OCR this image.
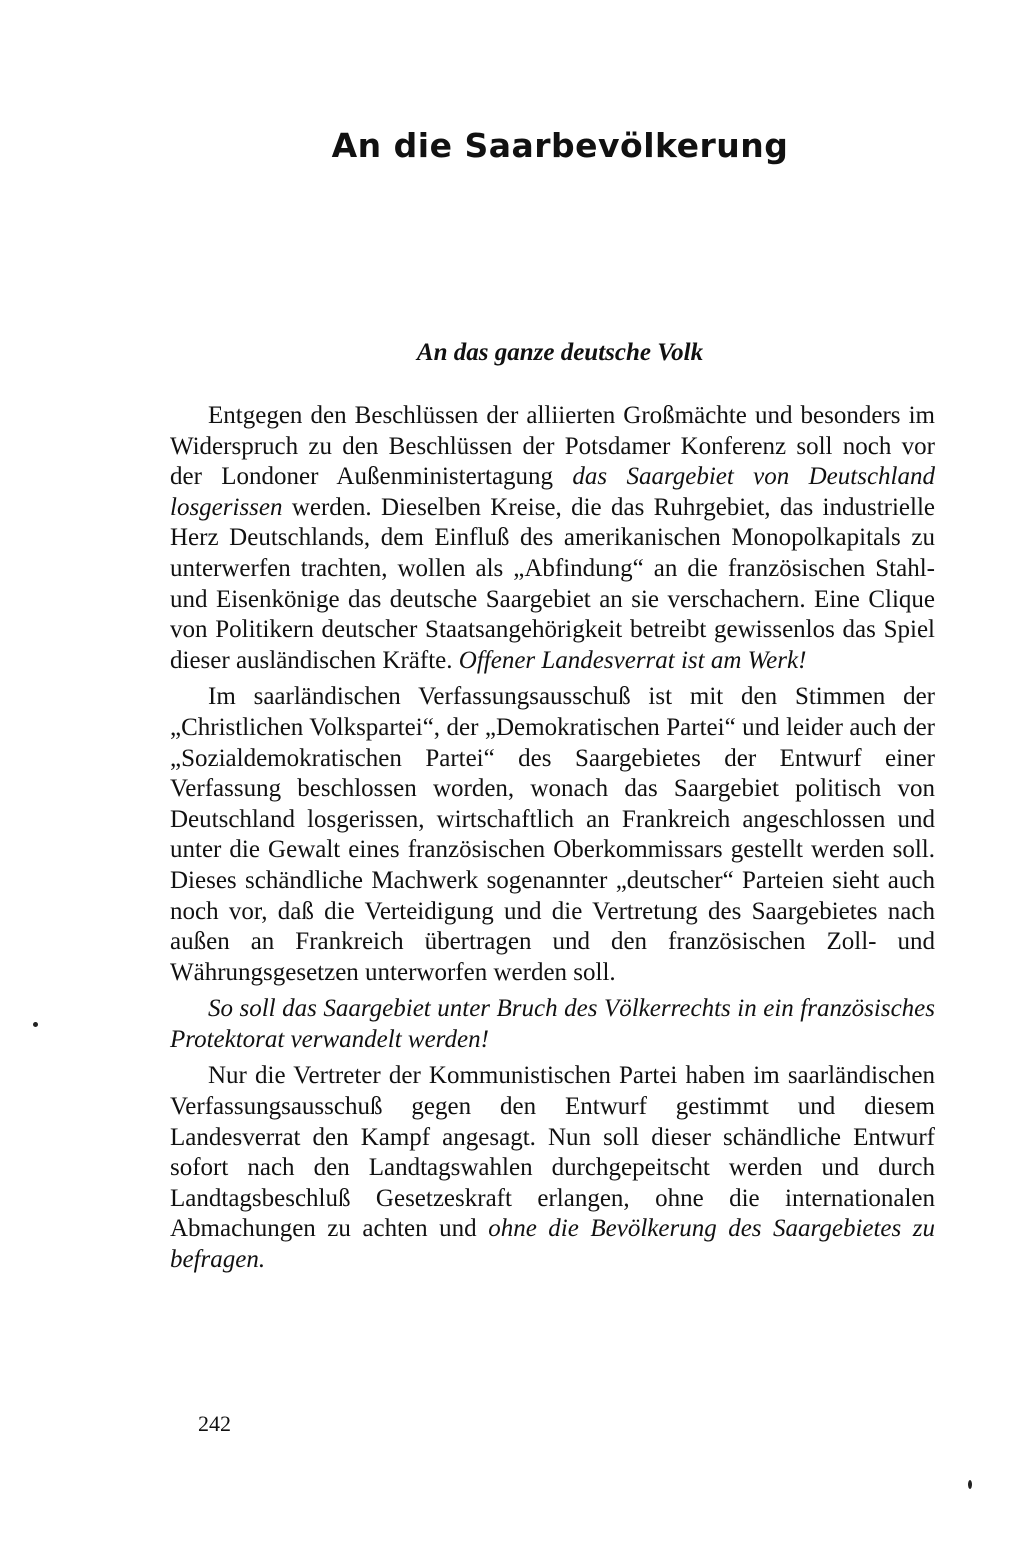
An die Saarbevölkerung
An das ganze deutsche Volk

Entgegen den Beschlüssen der alliierten Großmächte und besonders im Widerspruch zu den Beschlüssen der Potsdamer Konferenz soll noch vor der Londoner Außenministertagung das Saargebiet von Deutschland losgerissen werden. Dieselben Kreise, die das Ruhrgebiet, das industrielle Herz Deutschlands, dem Einfluß des amerikanischen Monopolkapitals zu unterwerfen trachten, wollen als „Abfindung“ an die französischen Stahl- und Eisenkönige das deutsche Saargebiet an sie verschachern. Eine Clique von Politikern deutscher Staatsangehörigkeit betreibt gewissenlos das Spiel dieser ausländischen Kräfte. Offener Landesverrat ist am Werk!

Im saarländischen Verfassungsausschuß ist mit den Stimmen der „Christlichen Volkspartei“, der „Demokratischen Partei“ und leider auch der „Sozialdemokratischen Partei“ des Saargebietes der Entwurf einer Verfassung beschlossen worden, wonach das Saargebiet politisch von Deutschland losgerissen, wirtschaftlich an Frankreich angeschlossen und unter die Gewalt eines französischen Oberkommissars gestellt werden soll. Dieses schändliche Machwerk sogenannter „deutscher“ Parteien sieht auch noch vor, daß die Verteidigung und die Vertretung des Saargebietes nach außen an Frankreich übertragen und den französischen Zoll- und Währungsgesetzen unterworfen werden soll.

So soll das Saargebiet unter Bruch des Völkerrechts in ein französisches Protektorat verwandelt werden!

Nur die Vertreter der Kommunistischen Partei haben im saarländischen Verfassungsausschuß gegen den Entwurf gestimmt und diesem Landesverrat den Kampf angesagt. Nun soll dieser schändliche Entwurf sofort nach den Landtagswahlen durchgepeitscht werden und durch Landtagsbeschluß Gesetzeskraft erlangen, ohne die internationalen Abmachungen zu achten und ohne die Bevölkerung des Saargebietes zu befragen.

242
